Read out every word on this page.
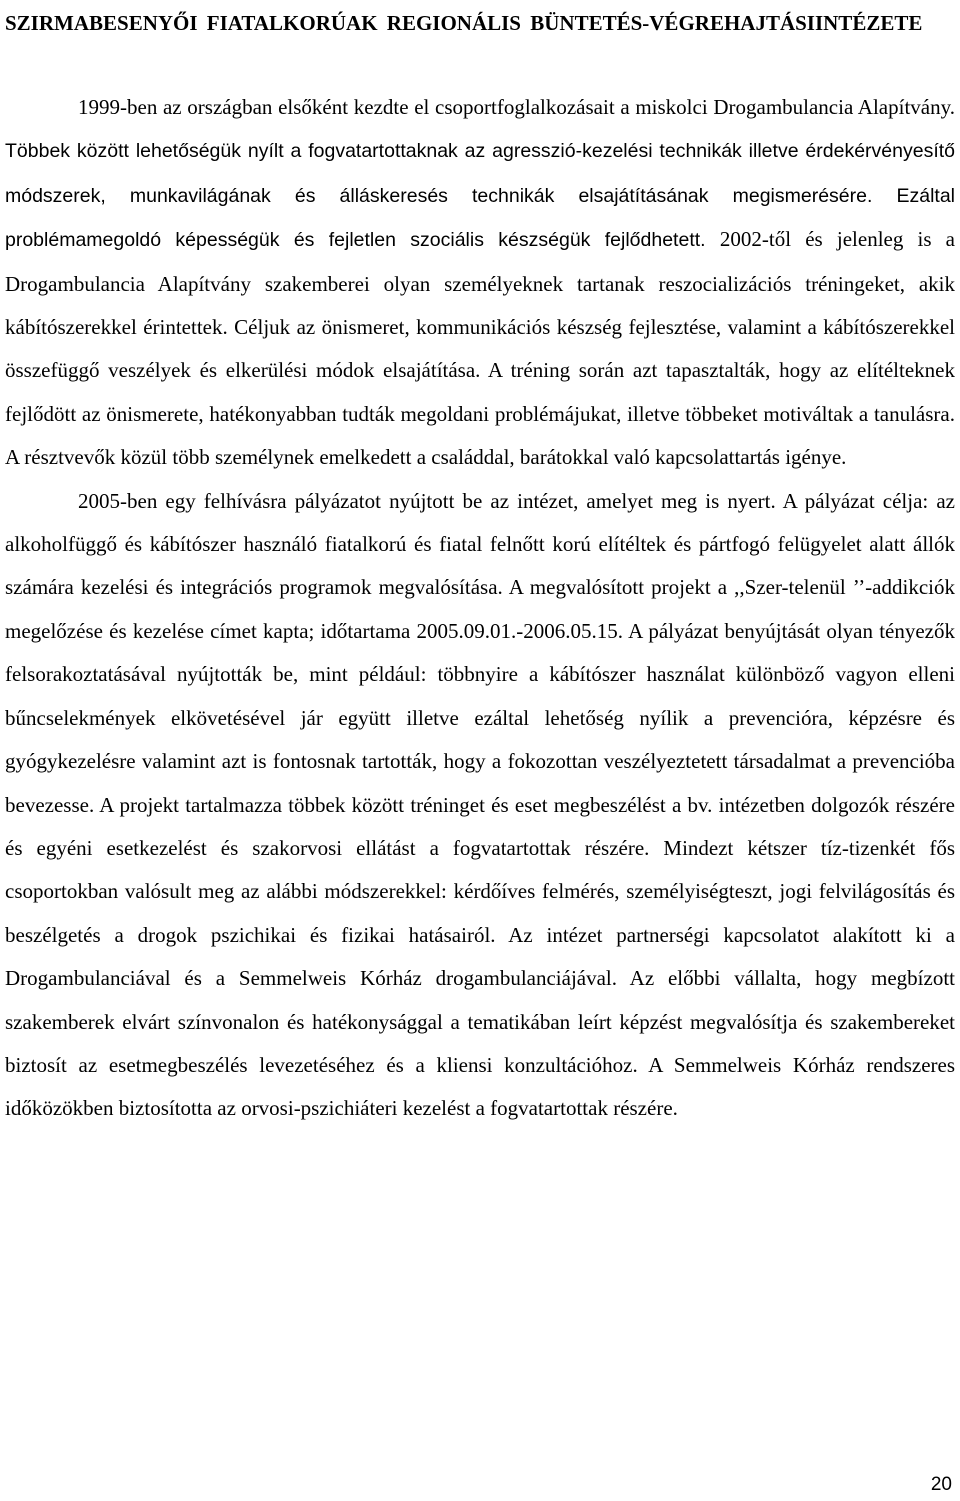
SZIRMABESENYŐI FIATALKORÚAK REGIONÁLIS BÜNTETÉS-VÉGREHAJTÁSIINTÉZETE

1999-ben az országban elsőként kezdte el csoportfoglalkozásait a miskolci Drogambulancia Alapítvány. Többek között lehetőségük nyílt a fogvatartottaknak az agresszió-kezelési technikák illetve érdekérvényesítő módszerek, munkavilágának és álláskeresés technikák elsajátításának megismerésére. Ezáltal problémamegoldó képességük és fejletlen szociális készségük fejlődhetett. 2002-től és jelenleg is a Drogambulancia Alapítvány szakemberei olyan személyeknek tartanak reszocializációs tréningeket, akik kábítószerekkel érintettek. Céljuk az önismeret, kommunikációs készség fejlesztése, valamint a kábítószerekkel összefüggő veszélyek és elkerülési módok elsajátítása. A tréning során azt tapasztalták, hogy az elítélteknek fejlődött az önismerete, hatékonyabban tudták megoldani problémájukat, illetve többeket motiváltak a tanulásra. A résztvevők közül több személynek emelkedett a családdal, barátokkal való kapcsolattartás igénye.

2005-ben egy felhívásra pályázatot nyújtott be az intézet, amelyet meg is nyert. A pályázat célja: az alkoholfüggő és kábítószer használó fiatalkorú és fiatal felnőtt korú elítéltek és pártfogó felügyelet alatt állók számára kezelési és integrációs programok megvalósítása. A megvalósított projekt a ,,Szer-telenül ’’-addikciók megelőzése és kezelése címet kapta; időtartama 2005.09.01.-2006.05.15. A pályázat benyújtását olyan tényezők felsorakoztatásával nyújtották be, mint például: többnyire a kábítószer használat különböző vagyon elleni bűncselekmények elkövetésével jár együtt illetve ezáltal lehetőség nyílik a prevencióra, képzésre és gyógykezelésre valamint azt is fontosnak tartották, hogy a fokozottan veszélyeztetett társadalmat a prevencióba bevezesse. A projekt tartalmazza többek között tréninget és eset megbeszélést a bv. intézetben dolgozók részére és egyéni esetkezelést és szakorvosi ellátást a fogvatartottak részére. Mindezt kétszer tíz-tizenkét fős csoportokban valósult meg az alábbi módszerekkel: kérdőíves felmérés, személyiségteszt, jogi felvilágosítás és beszélgetés a drogok pszichikai és fizikai hatásairól. Az intézet partnerségi kapcsolatot alakított ki a Drogambulanciával és a Semmelweis Kórház drogambulanciájával. Az előbbi vállalta, hogy megbízott szakemberek elvárt színvonalon és hatékonysággal a tematikában leírt képzést megvalósítja és szakembereket biztosít az esetmegbeszélés levezetéséhez és a kliensi konzultációhoz. A Semmelweis Kórház rendszeres időközökben biztosította az orvosi-pszichiáteri kezelést a fogvatartottak részére.

20
